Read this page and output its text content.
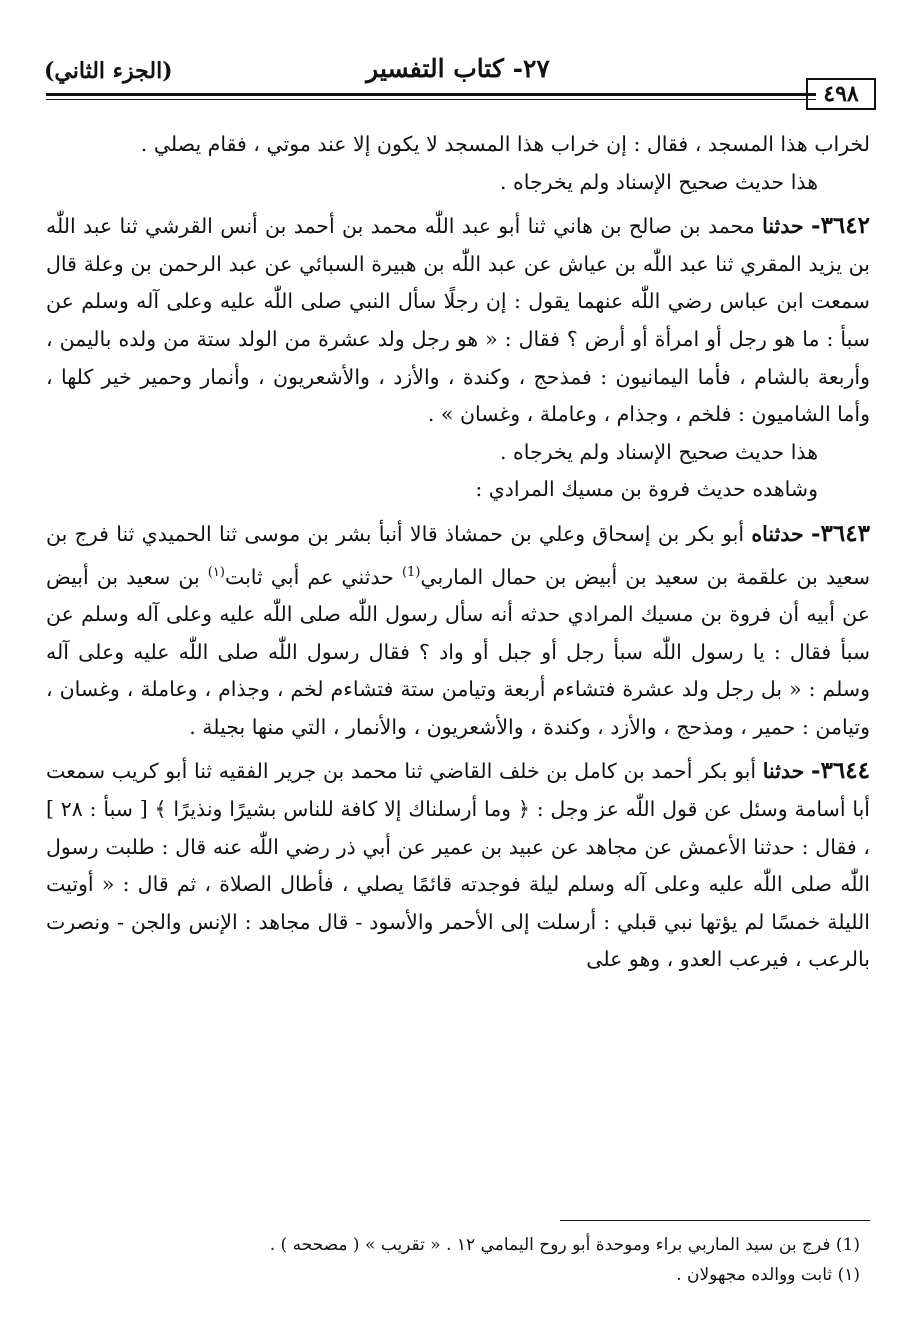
٤٩٨
٢٧- كتاب التفسير
(الجزء الثاني)

لخراب هذا المسجد ، فقال : إن خراب هذا المسجد لا يكون إلا عند موتي ، فقام يصلي .

هذا حديث صحيح الإسناد ولم يخرجاه .

٣٦٤٢- حدثنا محمد بن صالح بن هاني ثنا أبو عبد اللّٰه محمد بن أحمد بن أنس القرشي ثنا عبد اللّٰه بن يزيد المقري ثنا عبد اللّٰه بن عياش عن عبد اللّٰه بن هبيرة السبائي عن عبد الرحمن بن وعلة قال سمعت ابن عباس رضي اللّٰه عنهما يقول : إن رجلًا سأل النبي صلى اللّٰه عليه وعلى آله وسلم عن سبأ : ما هو رجل أو امرأة أو أرض ؟ فقال : « هو رجل ولد عشرة من الولد ستة من ولده باليمن ، وأربعة بالشام ، فأما اليمانيون : فمذحج ، وكندة ، والأزد ، والأشعريون ، وأنمار وحمير خير كلها ، وأما الشاميون : فلخم ، وجذام ، وعاملة ، وغسان » .

هذا حديث صحيح الإسناد ولم يخرجاه .

وشاهده حديث فروة بن مسيك المرادي :

٣٦٤٣- حدثناه أبو بكر بن إسحاق وعلي بن حمشاذ قالا أنبأ بشر بن موسى ثنا الحميدي ثنا فرج بن سعيد بن علقمة بن سعيد بن أبيض بن حمال الماربي$^{(1)}$ حدثني عم أبي ثابت$^{(١)}$ بن سعيد بن أبيض عن أبيه أن فروة بن مسيك المرادي حدثه أنه سأل رسول اللّٰه صلى اللّٰه عليه وعلى آله وسلم عن سبأ فقال : يا رسول اللّٰه سبأ رجل أو جبل أو واد ؟ فقال رسول اللّٰه صلى اللّٰه عليه وعلى آله وسلم : « بل رجل ولد عشرة فتشاءم أربعة وتيامن ستة فتشاءم لخم ، وجذام ، وعاملة ، وغسان ، وتيامن : حمير ، ومذحج ، والأزد ، وكندة ، والأشعريون ، والأنمار ، التي منها بجيلة .

٣٦٤٤- حدثنا أبو بكر أحمد بن كامل بن خلف القاضي ثنا محمد بن جرير الفقيه ثنا أبو كريب سمعت أبا أسامة وسئل عن قول اللّٰه عز وجل : ﴿ وما أرسلناك إلا كافة للناس بشيرًا ونذيرًا ﴾ [ سبأ : ٢٨ ] ، فقال : حدثنا الأعمش عن مجاهد عن عبيد بن عمير عن أبي ذر رضي اللّٰه عنه قال : طلبت رسول اللّٰه صلى اللّٰه عليه وعلى آله وسلم ليلة فوجدته قائمًا يصلي ، فأطال الصلاة ، ثم قال : « أوتيت الليلة خمسًا لم يؤتها نبي قبلي : أرسلت إلى الأحمر والأسود - قال مجاهد : الإنس والجن - ونصرت بالرعب ، فيرعب العدو ، وهو على

(1) فرج بن سيد الماربي براء وموحدة أبو روح اليمامي ١٢ . « تقريب » ( مصححه ) .

(١) ثابت ووالده مجهولان .
